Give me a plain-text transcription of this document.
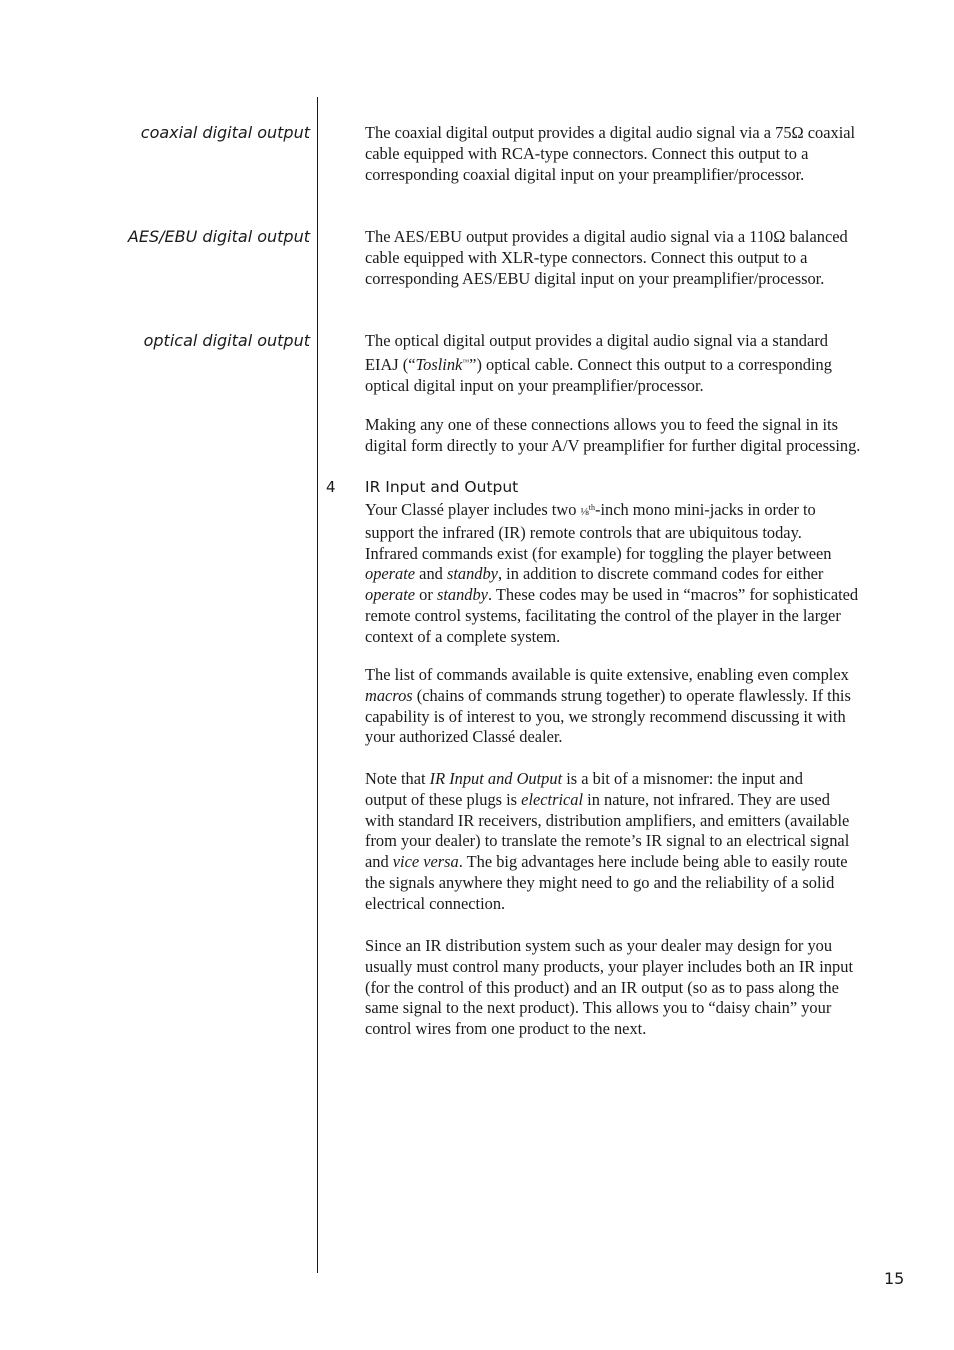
coaxial digital output	The coaxial digital output provides a digital audio signal via a 75Ω coaxial
cable equipped with RCA-type connectors. Connect this output to a
corresponding coaxial digital input on your preamplifier/processor.

AES/EBU digital output	The AES/EBU output provides a digital audio signal via a 110Ω balanced
cable equipped with XLR-type connectors. Connect this output to a
corresponding AES/EBU digital input on your preamplifier/processor.

optical digital output	The optical digital output provides a digital audio signal via a standard
EIAJ (“Toslink™”) optical cable. Connect this output to a corresponding
optical digital input on your preamplifier/processor.

Making any one of these connections allows you to feed the signal in its
digital form directly to your A/V preamplifier for further digital processing.

4 IR Input and Output

Your Classé player includes two ⅛$^{th}$-inch mono mini-jacks in order to
support the infrared (IR) remote controls that are ubiquitous today.
Infrared commands exist (for example) for toggling the player between
operate and standby, in addition to discrete command codes for either
operate or standby. These codes may be used in “macros” for sophisticated
remote control systems, facilitating the control of the player in the larger
context of a complete system.

The list of commands available is quite extensive, enabling even complex
macros (chains of commands strung together) to operate flawlessly. If this
capability is of interest to you, we strongly recommend discussing it with
your authorized Classé dealer.

Note that IR Input and Output is a bit of a misnomer: the input and
output of these plugs is electrical in nature, not infrared. They are used
with standard IR receivers, distribution amplifiers, and emitters (available
from your dealer) to translate the remote’s IR signal to an electrical signal
and vice versa. The big advantages here include being able to easily route
the signals anywhere they might need to go and the reliability of a solid
electrical connection.

Since an IR distribution system such as your dealer may design for you
usually must control many products, your player includes both an IR input
(for the control of this product) and an IR output (so as to pass along the
same signal to the next product). This allows you to “daisy chain” your
control wires from one product to the next.

15
